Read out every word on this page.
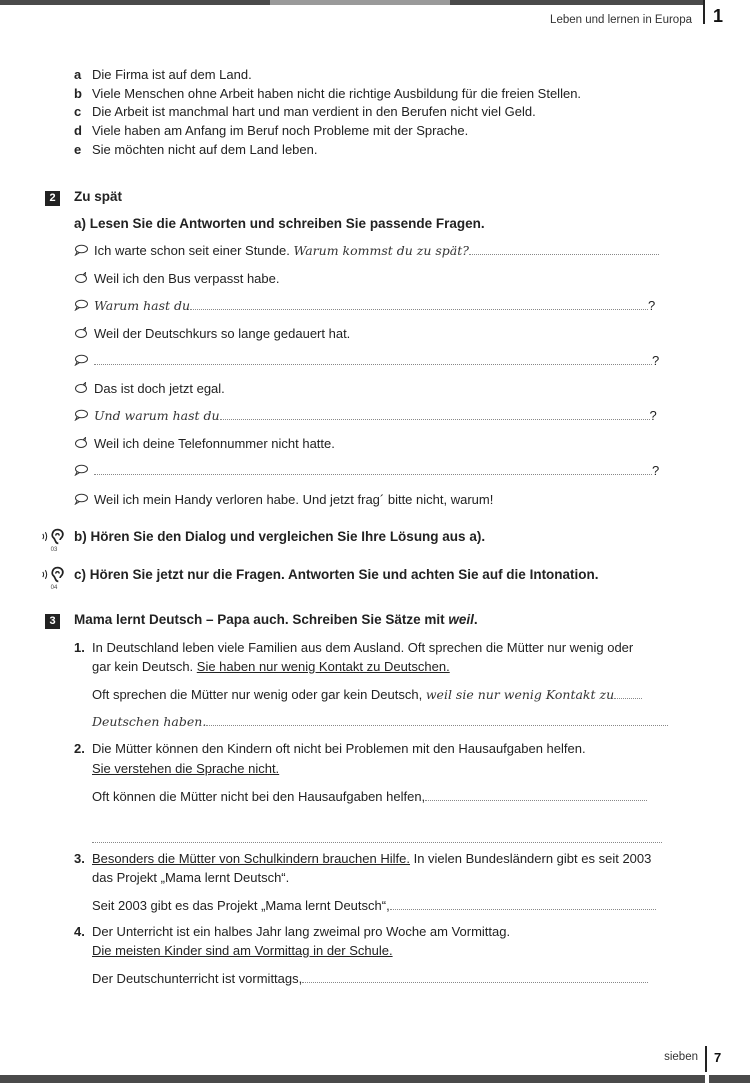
Leben und lernen in Europa 1
a Die Firma ist auf dem Land.
b Viele Menschen ohne Arbeit haben nicht die richtige Ausbildung für die freien Stellen.
c Die Arbeit ist manchmal hart und man verdient in den Berufen nicht viel Geld.
d Viele haben am Anfang im Beruf noch Probleme mit der Sprache.
e Sie möchten nicht auf dem Land leben.
2	Zu spät
a) Lesen Sie die Antworten und schreiben Sie passende Fragen.
Ich warte schon seit einer Stunde. Warum kommst du zu spät?
Weil ich den Bus verpasst habe.
Warum hast du	?
Weil der Deutschkurs so lange gedauert hat.
?
Das ist doch jetzt egal.
Und warum hast du	?
Weil ich deine Telefonnummer nicht hatte.
?
Weil ich mein Handy verloren habe. Und jetzt frag´ bitte nicht, warum!
03
b) Hören Sie den Dialog und vergleichen Sie Ihre Lösung aus a).
04
c) Hören Sie jetzt nur die Fragen. Antworten Sie und achten Sie auf die Intonation.
3	Mama lernt Deutsch – Papa auch. Schreiben Sie Sätze mit weil.
1. In Deutschland leben viele Familien aus dem Ausland. Oft sprechen die Mütter nur wenig oder
gar kein Deutsch. Sie haben nur wenig Kontakt zu Deutschen.
Oft sprechen die Mütter nur wenig oder gar kein Deutsch, weil sie nur wenig Kontakt zu
Deutschen haben.
2. Die Mütter können den Kindern oft nicht bei Problemen mit den Hausaufgaben helfen.
Sie verstehen die Sprache nicht.
Oft können die Mütter nicht bei den Hausaufgaben helfen,
3. Besonders die Mütter von Schulkindern brauchen Hilfe. In vielen Bundesländern gibt es seit 2003
das Projekt „Mama lernt Deutsch“.
Seit 2003 gibt es das Projekt „Mama lernt Deutsch“,
4. Der Unterricht ist ein halbes Jahr lang zweimal pro Woche am Vormittag.
Die meisten Kinder sind am Vormittag in der Schule.
Der Deutschunterricht ist vormittags,
sieben 7
